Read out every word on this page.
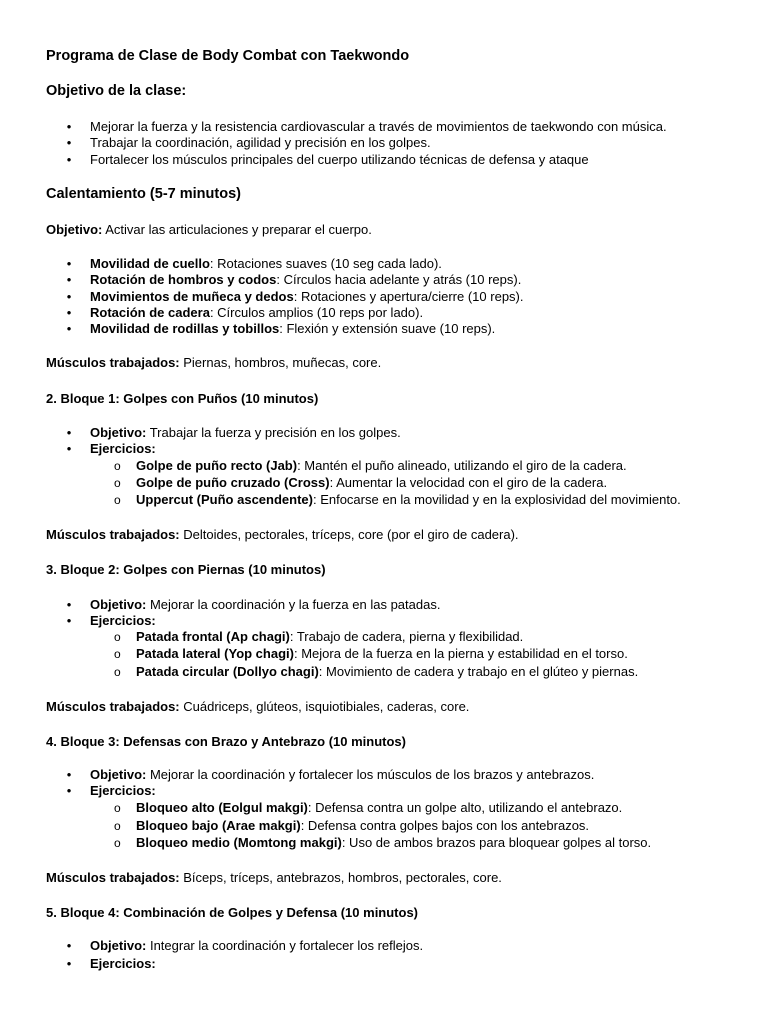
Programa de Clase de Body Combat con Taekwondo
Objetivo de la clase:
• Mejorar la fuerza y la resistencia cardiovascular a través de movimientos de taekwondo con música.
• Trabajar la coordinación, agilidad y precisión en los golpes.
• Fortalecer los músculos principales del cuerpo utilizando técnicas de defensa y ataque
Calentamiento (5-7 minutos)
Objetivo: Activar las articulaciones y preparar el cuerpo.
• Movilidad de cuello: Rotaciones suaves (10 seg cada lado).
• Rotación de hombros y codos: Círculos hacia adelante y atrás (10 reps).
• Movimientos de muñeca y dedos: Rotaciones y apertura/cierre (10 reps).
• Rotación de cadera: Círculos amplios (10 reps por lado).
• Movilidad de rodillas y tobillos: Flexión y extensión suave (10 reps).
Músculos trabajados: Piernas, hombros, muñecas, core.
2. Bloque 1: Golpes con Puños (10 minutos)
• Objetivo: Trabajar la fuerza y precisión en los golpes.
• Ejercicios:
o Golpe de puño recto (Jab): Mantén el puño alineado, utilizando el giro de la cadera.
o Golpe de puño cruzado (Cross): Aumentar la velocidad con el giro de la cadera.
o Uppercut (Puño ascendente): Enfocarse en la movilidad y en la explosividad del movimiento.
Músculos trabajados: Deltoides, pectorales, tríceps, core (por el giro de cadera).
3. Bloque 2: Golpes con Piernas (10 minutos)
• Objetivo: Mejorar la coordinación y la fuerza en las patadas.
• Ejercicios:
o Patada frontal (Ap chagi): Trabajo de cadera, pierna y flexibilidad.
o Patada lateral (Yop chagi): Mejora de la fuerza en la pierna y estabilidad en el torso.
o Patada circular (Dollyo chagi): Movimiento de cadera y trabajo en el glúteo y piernas.
Músculos trabajados: Cuádriceps, glúteos, isquiotibiales, caderas, core.
4. Bloque 3: Defensas con Brazo y Antebrazo (10 minutos)
• Objetivo: Mejorar la coordinación y fortalecer los músculos de los brazos y antebrazos.
• Ejercicios:
o Bloqueo alto (Eolgul makgi): Defensa contra un golpe alto, utilizando el antebrazo.
o Bloqueo bajo (Arae makgi): Defensa contra golpes bajos con los antebrazos.
o Bloqueo medio (Momtong makgi): Uso de ambos brazos para bloquear golpes al torso.
Músculos trabajados: Bíceps, tríceps, antebrazos, hombros, pectorales, core.
5. Bloque 4: Combinación de Golpes y Defensa (10 minutos)
• Objetivo: Integrar la coordinación y fortalecer los reflejos.
• Ejercicios:
